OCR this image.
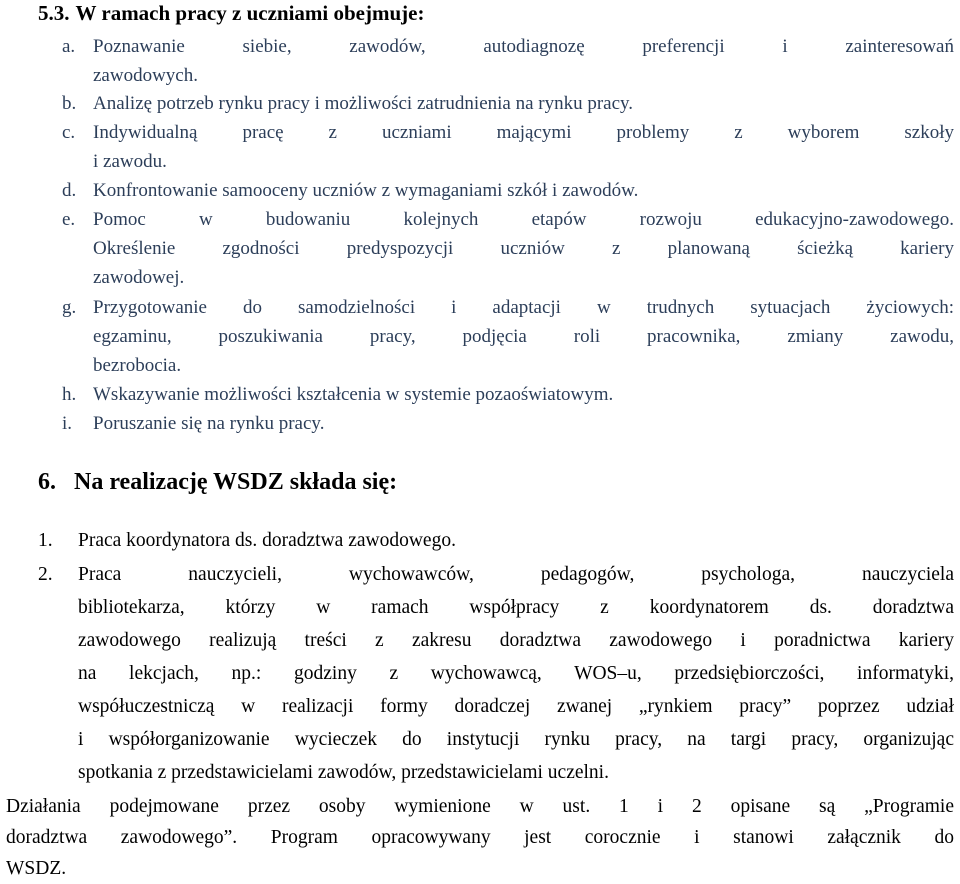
5.3. W ramach pracy z uczniami obejmuje:
a. Poznawanie siebie, zawodów, autodiagnozę preferencji i zainteresowań
zawodowych.
b. Analizę potrzeb rynku pracy i możliwości zatrudnienia na rynku pracy.
c. Indywidualną pracę z uczniami mającymi problemy z wyborem szkoły
i zawodu.
d. Konfrontowanie samooceny uczniów z wymaganiami szkół i zawodów.
e. Pomoc w budowaniu kolejnych etapów rozwoju edukacyjno-zawodowego.
Określenie zgodności predyspozycji uczniów z planowaną ścieżką kariery
zawodowej.
g. Przygotowanie do samodzielności i adaptacji w trudnych sytuacjach życiowych:
egzaminu, poszukiwania pracy, podjęcia roli pracownika, zmiany zawodu,
bezrobocia.
h. Wskazywanie możliwości kształcenia w systemie pozaoświatowym.
i. Poruszanie się na rynku pracy.
6. Na realizację WSDZ składa się:
1. Praca koordynatora ds. doradztwa zawodowego.
2. Praca nauczycieli, wychowawców, pedagogów, psychologa, nauczyciela
bibliotekarza, którzy w ramach współpracy z koordynatorem ds. doradztwa
zawodowego realizują treści z zakresu doradztwa zawodowego i poradnictwa kariery
na lekcjach, np.: godziny z wychowawcą, WOS–u, przedsiębiorczości, informatyki,
współuczestniczą w realizacji formy doradczej zwanej „rynkiem pracy” poprzez udział
i współorganizowanie wycieczek do instytucji rynku pracy, na targi pracy, organizując
spotkania z przedstawicielami zawodów, przedstawicielami uczelni.
Działania podejmowane przez osoby wymienione w ust. 1 i 2 opisane są „Programie
doradztwa zawodowego”. Program opracowywany jest corocznie i stanowi załącznik do
WSDZ.
